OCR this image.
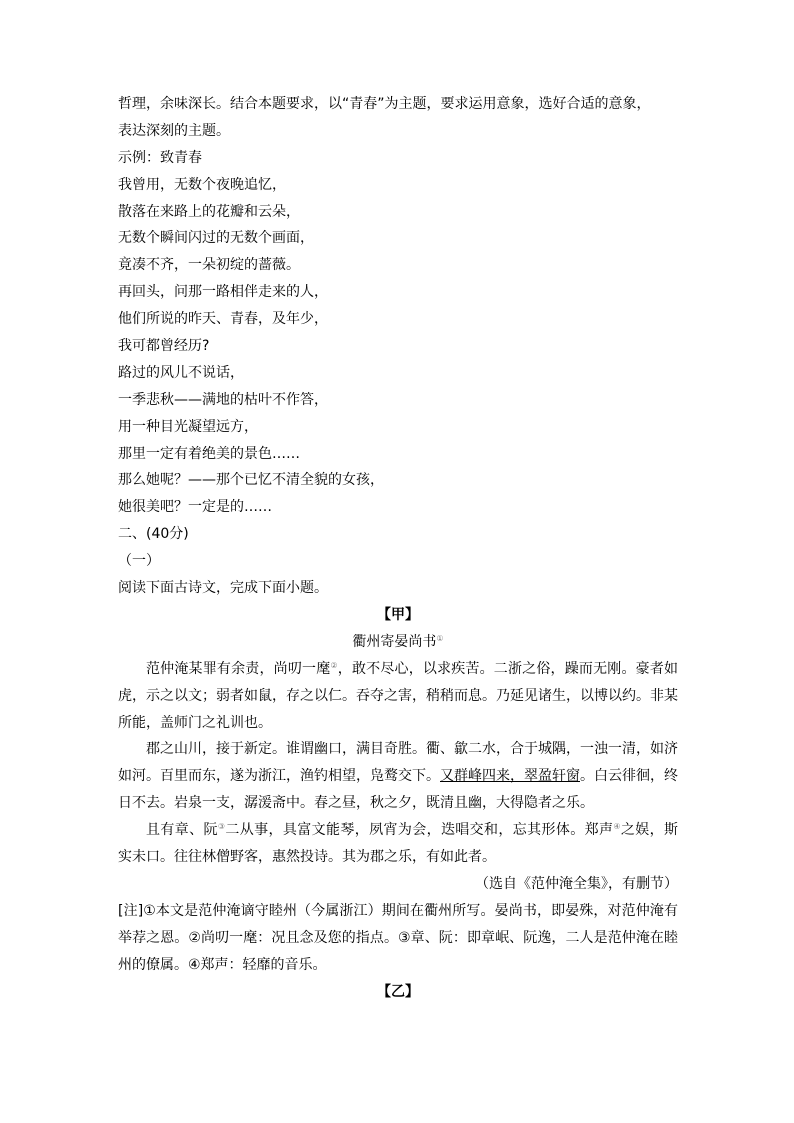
哲理，余味深长。结合本题要求，以“青春”为主题，要求运用意象，选好合适的意象，
表达深刻的主题。
示例：致青春
我曾用，无数个夜晚追忆，
散落在来路上的花瓣和云朵，
无数个瞬间闪过的无数个画面，
竟凑不齐，一朵初绽的蔷薇。
再回头，问那一路相伴走来的人，
他们所说的昨天、青春，及年少，
我可都曾经历?
路过的风儿不说话，
一季悲秋——满地的枯叶不作答，
用一种目光凝望远方，
那里一定有着绝美的景色……
那么她呢？——那个已忆不清全貌的女孩，
她很美吧？一定是的……
二、(40分)
（一）
阅读下面古诗文，完成下面小题。
【甲】
衢州寄晏尚书①
范仲淹某罪有余责，尚叨一麾②，敢不尽心，以求疾苦。二浙之俗，躁而无刚。豪者如虎，示之以文；弱者如鼠，存之以仁。吞夺之害，稍稍而息。乃延见诸生，以博以约。非某所能，盖师门之礼训也。
郡之山川，接于新定。谁谓幽口，满目奇胜。衢、歙二水，合于城隅，一浊一清，如济如河。百里而东，遂为浙江，渔钓相望，凫鹜交下。又群峰四来，翠盈轩窗。白云徘徊，终日不去。岩泉一支，潺湲斋中。春之昼，秋之夕，既清且幽，大得隐者之乐。
且有章、阮③二从事，具富文能琴，夙宵为会，迭唱交和，忘其形体。郑声④之娱，斯实未口。往往林僧野客，惠然投诗。其为郡之乐，有如此者。
（选自《范仲淹全集》，有删节）
[注]①本文是范仲淹谪守睦州（今属浙江）期间在衢州所写。晏尚书，即晏殊，对范仲淹有举荐之恩。②尚叨一麾：况且念及您的指点。③章、阮：即章岷、阮逸，二人是范仲淹在睦州的僚属。④郑声：轻靡的音乐。
【乙】
